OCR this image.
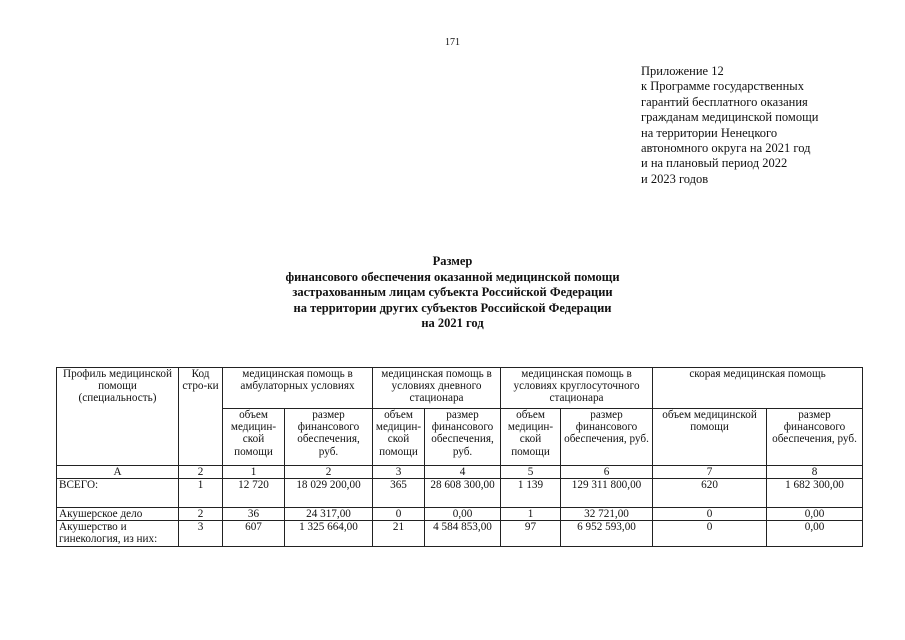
171
Приложение 12
к Программе государственных
гарантий бесплатного оказания
гражданам медицинской помощи
на территории Ненецкого
автономного округа на 2021 год
и на плановый период 2022
и 2023 годов
Размер
финансового обеспечения оказанной медицинской помощи
застрахованным лицам субъекта Российской Федерации
на территории других субъектов Российской Федерации
на 2021 год
Профиль медицинской помощи (специальность)	Код стро-ки	медицинская помощь в амбулаторных условиях		медицинская помощь в условиях дневного стационара		медицинская помощь в условиях круглосуточного стационара		скорая медицинская помощь	
		объем медицин-ской помощи	размер финансового обеспечения, руб.	объем медицин-ской помощи	размер финансового обеспечения, руб.	объем медицин-ской помощи	размер финансового обеспечения, руб.	объем медицинской помощи	размер финансового обеспечения, руб.
А	2	1	2	3	4	5	6	7	8
ВСЕГО:	1	12 720	18 029 200,00	365	28 608 300,00	1 139	129 311 800,00	620	1 682 300,00
Акушерское дело	2	36	24 317,00	0	0,00	1	32 721,00	0	0,00
Акушерство и гинекология, из них:	3	607	1 325 664,00	21	4 584 853,00	97	6 952 593,00	0	0,00
